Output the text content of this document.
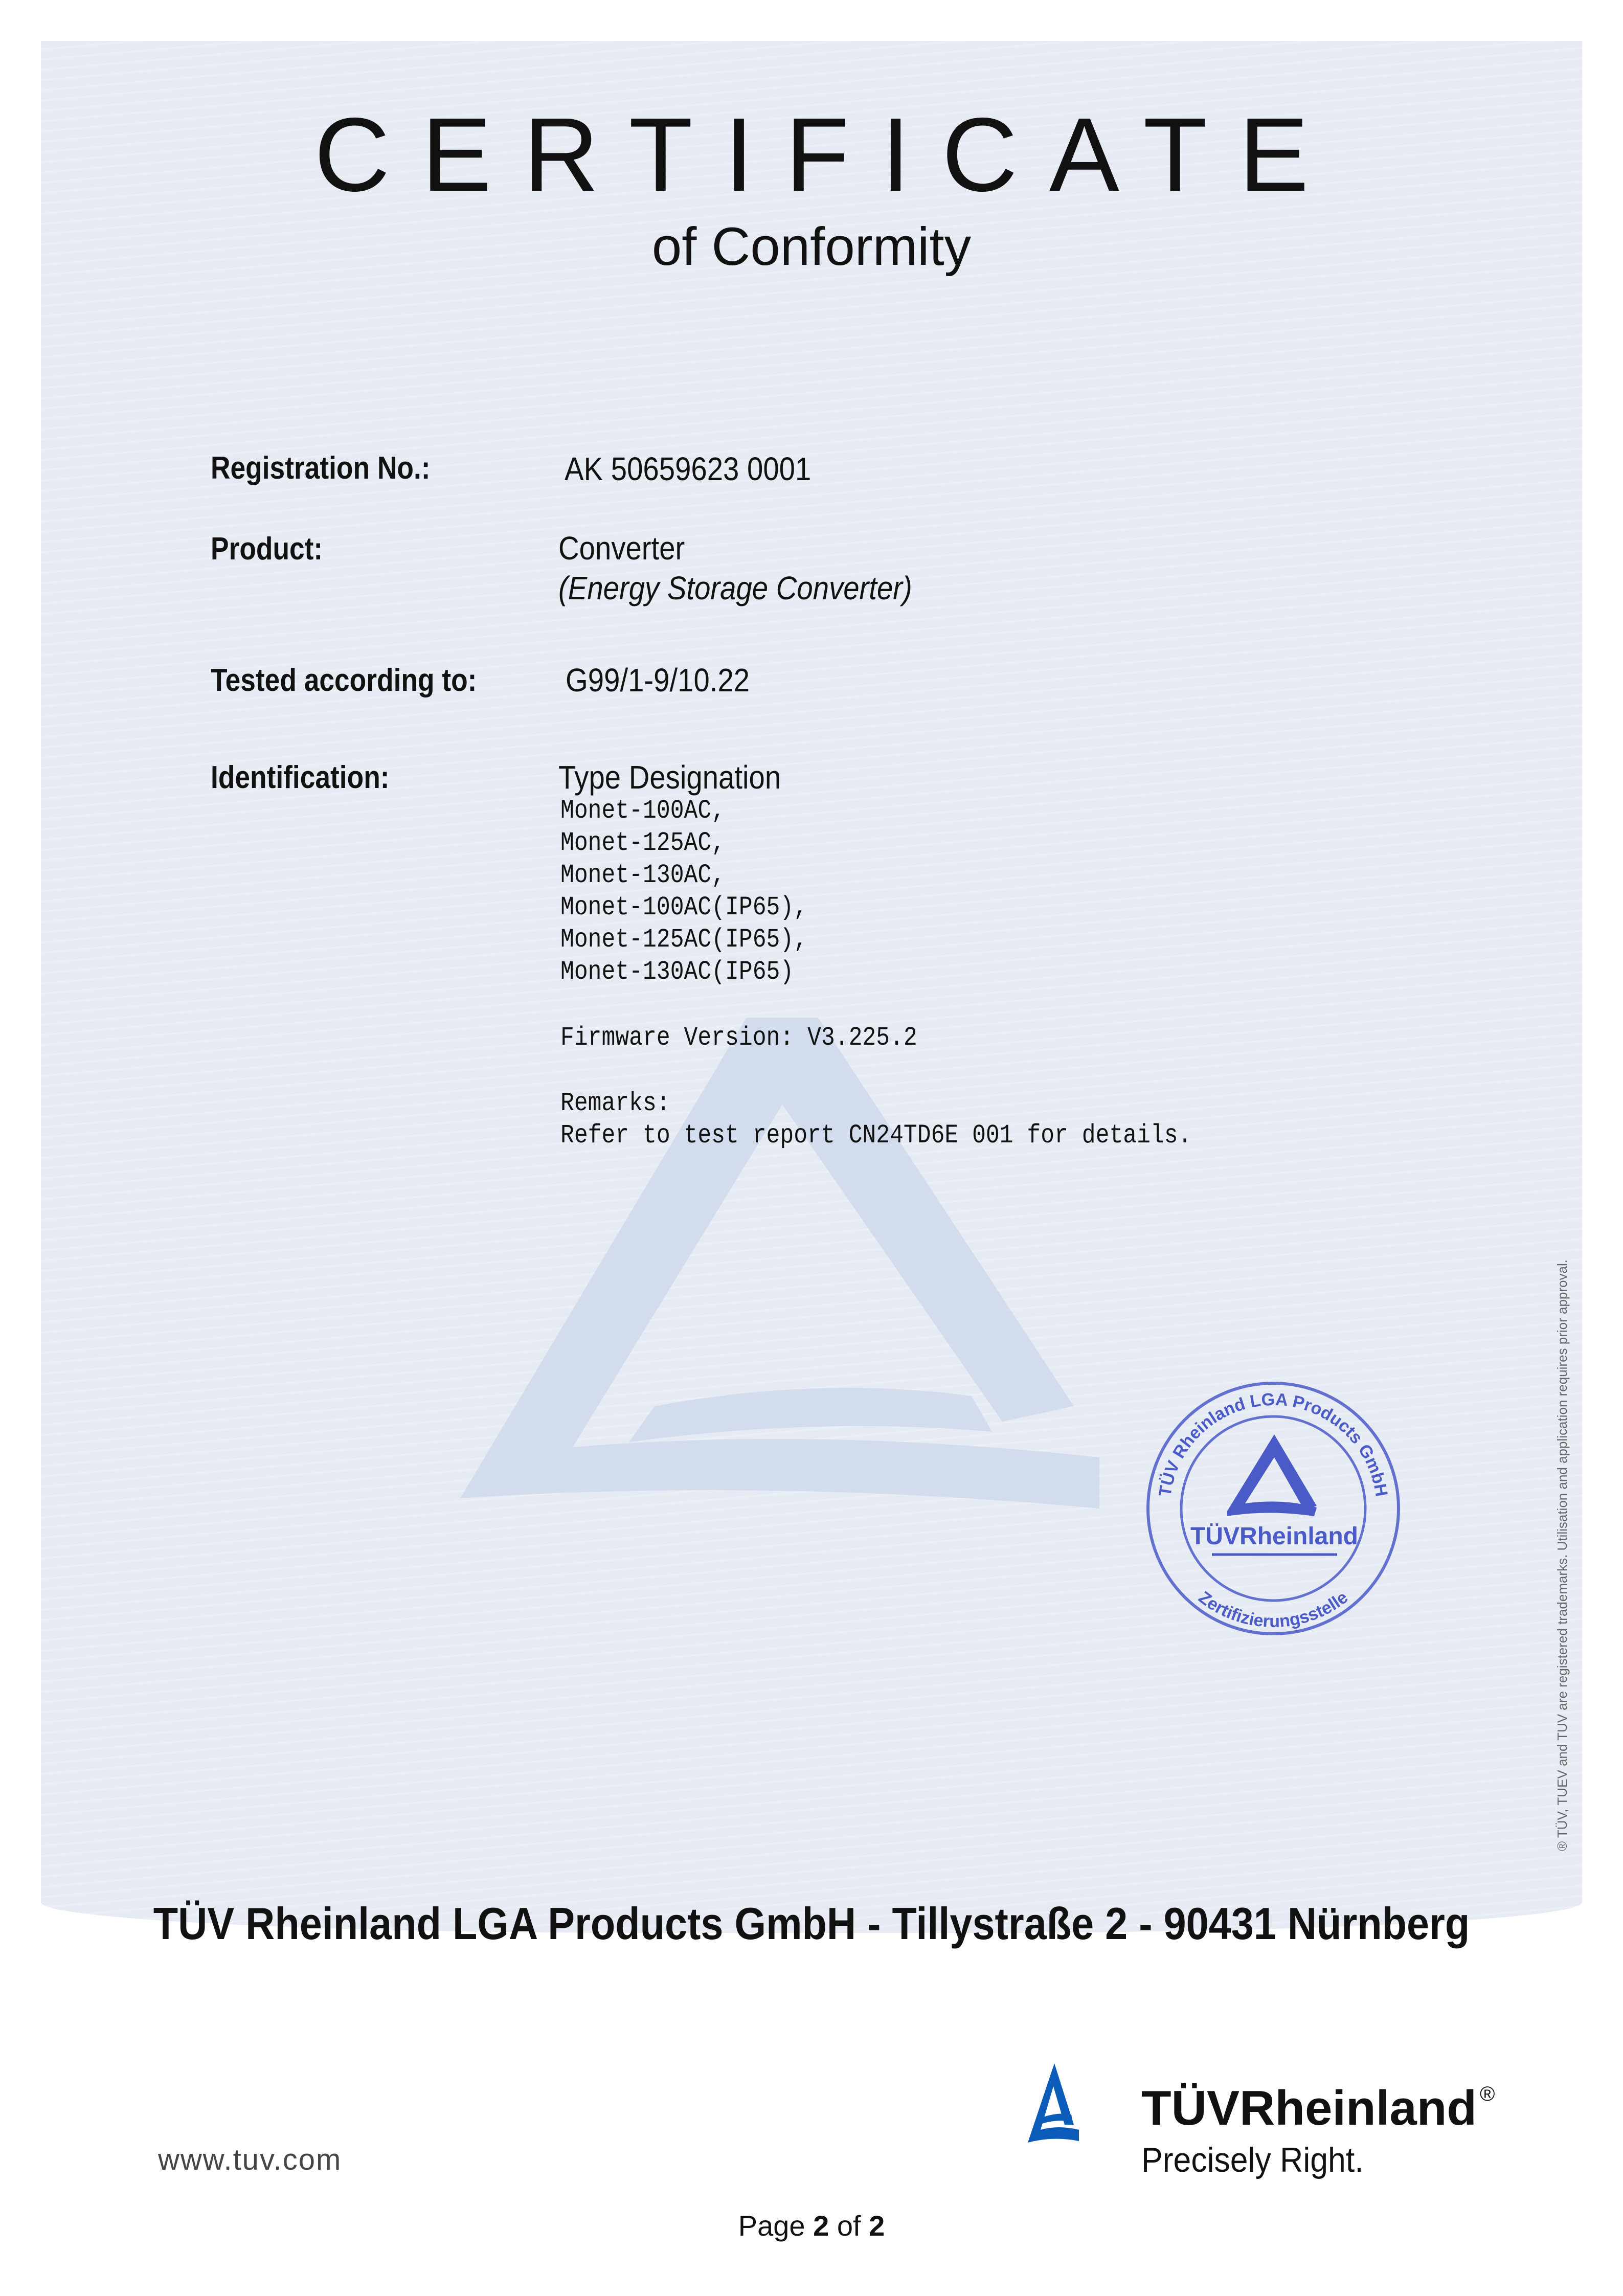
CERTIFICATE
of Conformity
Registration No.:	AK 50659623 0001
Product:	Converter
(Energy Storage Converter)
Tested according to:	G99/1-9/10.22
Identification:	Type Designation
Monet-100AC,
Monet-125AC,
Monet-130AC,
Monet-100AC(IP65),
Monet-125AC(IP65),
Monet-130AC(IP65)
Firmware Version: V3.225.2
Remarks:
Refer to test report CN24TD6E 001 for details.
TÜV Rheinland LGA Products GmbH
Zertifizierungsstelle
TÜVRheinland	® TÜV, TUEV and TUV are registered trademarks. Utilisation and application requires prior approval.
TÜV Rheinland LGA Products GmbH - Tillystraße 2 - 90431 Nürnberg
www.tuv.com
TÜVRheinland ®
Precisely Right.
Page 2 of 2
